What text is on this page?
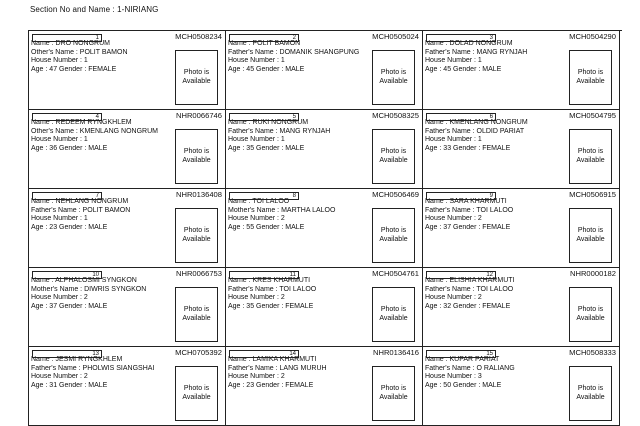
Section No and Name : 1-NIRIANG
1	MCH0508234
Name : DRO NONGRUM
Other's Name : POLIT BAMON
House Number : 1
Age : 47 Gender : FEMALE	Photo is Available
2	MCH0505024
Name : POLIT BAMON
Father's Name : DOMANIK SHANGPUNG
House Number : 1
Age : 45 Gender : MALE	Photo is Available
3	MCH0504290
Name : DOLAD NONGRUM
Father's Name : MANG RYNJAH
House Number : 1
Age : 45 Gender : MALE	Photo is Available
4	NHR0066746
Name : REDEEM RYNGKHLEM
Other's Name : KMENLANG NONGRUM
House Number : 1
Age : 36 Gender : MALE	Photo is Available
5	MCH0508325
Name : RUKI NONGRUM
Father's Name : MANG RYNJAH
House Number : 1
Age : 35 Gender : MALE	Photo is Available
6	MCH0504795
Name : KMENLANG NONGRUM
Father's Name : OLDID PARIAT
House Number : 1
Age : 33 Gender : FEMALE	Photo is Available
7	NHR0136408
Name : NEHLANG NONGRUM
Father's Name : POLIT BAMON
House Number : 1
Age : 23 Gender : MALE	Photo is Available
8	MCH0506469
Name : TOI LALOO
Mother's Name : MARTHA LALOO
House Number : 2
Age : 55 Gender : MALE	Photo is Available
9	MCH0506915
Name : SARA KHARMUTI
Father's Name : TOI LALOO
House Number : 2
Age : 37 Gender : FEMALE	Photo is Available
10	NHR0066753
Name : ALPHALOSMI SYNGKON
Mother's Name : DIWRIS SYNGKON
House Number : 2
Age : 37 Gender : MALE	Photo is Available
11	MCH0504761
Name : KRES KHARMUTI
Father's Name : TOI LALOO
House Number : 2
Age : 35 Gender : FEMALE	Photo is Available
12	NHR0000182
Name : ELISHIA KHARMUTI
Father's Name : TOI LALOO
House Number : 2
Age : 32 Gender : FEMALE	Photo is Available
13	MCH0705392
Name : JESMI RYNGKHLEM
Father's Name : PHOLWIS SIANGSHAI
House Number : 2
Age : 31 Gender : MALE	Photo is Available
14	NHR0136416
Name : LAMIKA KHARMUTI
Father's Name : LANG MURUH
House Number : 2
Age : 23 Gender : FEMALE	Photo is Available
15	MCH0508333
Name : KUPAR PARIAT
Father's Name : O RALIANG
House Number : 3
Age : 50 Gender : MALE	Photo is Available
